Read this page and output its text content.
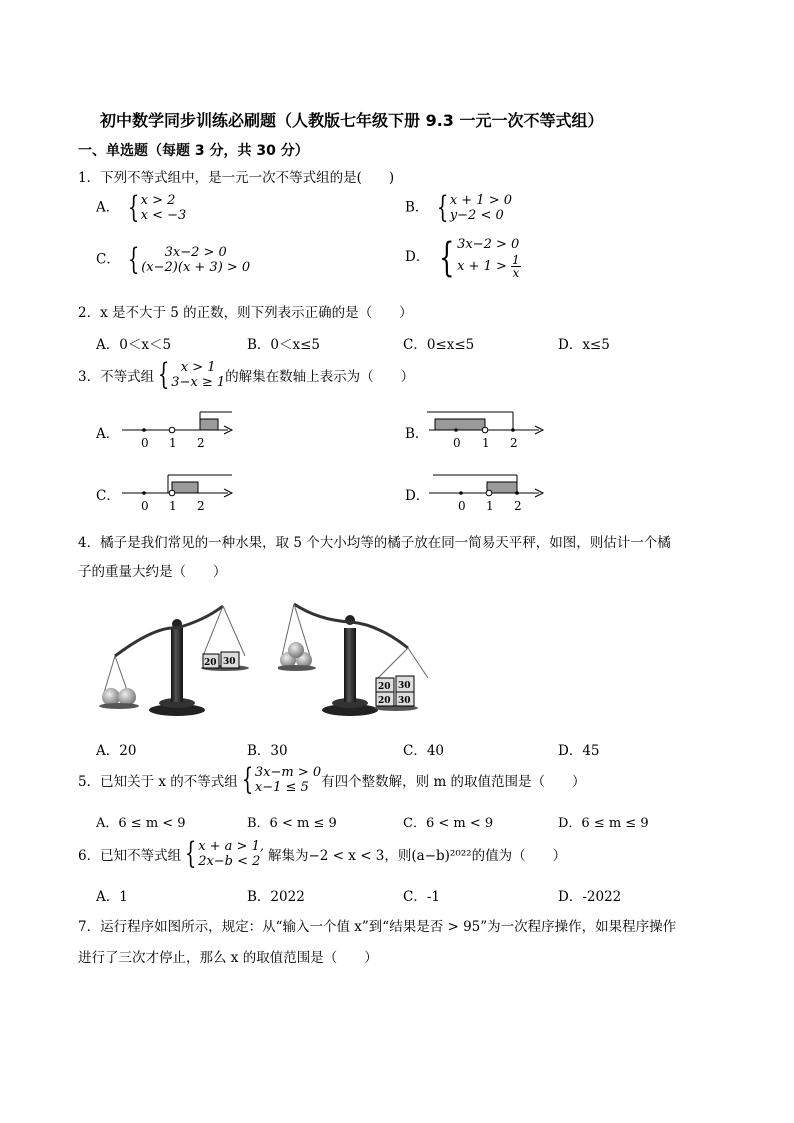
初中数学同步训练必刷题（人教版七年级下册 9.3 一元一次不等式组）
一、单选题（每题 3 分，共 30 分）
1．下列不等式组中，是一元一次不等式组的是(　　)
A． { x > 2
x < −3	B． { x + 1 > 0
y−2 < 0
C． { 3x−2 > 0
(x−2)(x + 3) > 0
D． { 3x−2 > 0
$x + 1 > \frac{1}{x}$
2．x 是不大于 5 的正数，则下列表示正确的是（　　）
A．0＜x＜5	B．0＜x≤5	C．0≤x≤5	D．x≤5
3．不等式组 { x > 1
3−x ≥ 1 的解集在数轴上表示为（　　）
A．
0 1 2
B．
0 1 2
C．
0 1 2
D．
0 1 2
4．橘子是我们常见的一种水果，取 5 个大小均等的橘子放在同一简易天平秤，如图，则估计一个橘
子的重量大约是（　　）
20 30
20 30
20 30
A．20	B．30	C．40	D．45
5．已知关于 x 的不等式组 { 3x−m > 0
x−1 ≤ 5 有四个整数解，则 m 的取值范围是（　　）
A．6 ≤ m < 9	B．6 < m ≤ 9	C．6 < m < 9	D．6 ≤ m ≤ 9
6．已知不等式组 { x + a > 1,
2x−b < 2 解集为−2 < x < 3，则(a−b)²⁰²²的值为（　　）
A．1	B．2022	C．-1	D．-2022
7．运行程序如图所示，规定：从“输入一个值 x”到“结果是否 > 95”为一次程序操作，如果程序操作
进行了三次才停止，那么 x 的取值范围是（　　）
